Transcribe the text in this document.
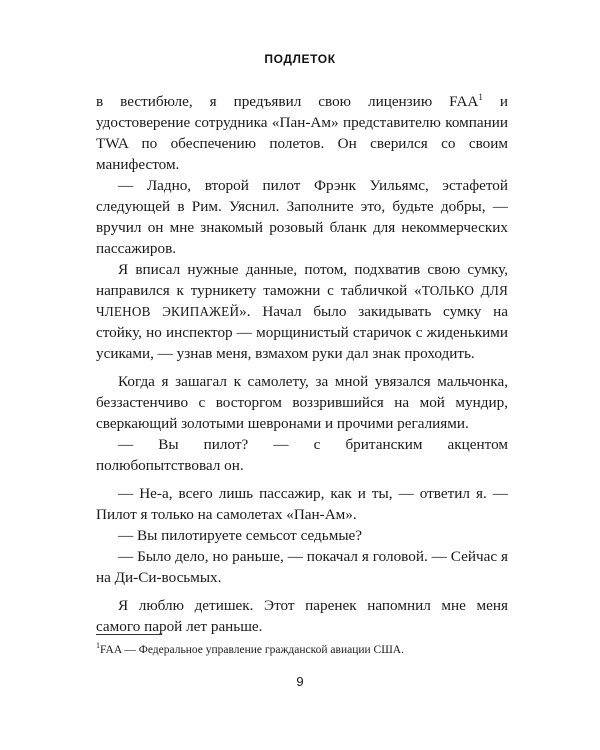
ПОДЛЕТОК

в вестибюле, я предъявил свою лицензию FAA$^1$ и удостоверение сотрудника «Пан-Ам» представителю компании TWA по обеспечению полетов. Он сверился со своим манифестом.

— Ладно, второй пилот Фрэнк Уильямс, эстафетой следующей в Рим. Уяснил. Заполните это, будьте добры, — вручил он мне знакомый розовый бланк для некоммерческих пассажиров.

Я вписал нужные данные, потом, подхватив свою сумку, направился к турникету таможни с табличкой «ТОЛЬКО ДЛЯ ЧЛЕНОВ ЭКИПАЖЕЙ». Начал было закидывать сумку на стойку, но инспектор — морщинистый старичок с жиденькими усиками, — узнав меня, взмахом руки дал знак проходить.

Когда я зашагал к самолету, за мной увязался мальчонка, беззастенчиво с восторгом воззрившийся на мой мундир, сверкающий золотыми шевронами и прочими регалиями.

— Вы пилот? — с британским акцентом полюбопытствовал он.

— Не-а, всего лишь пассажир, как и ты, — ответил я. — Пилот я только на самолетах «Пан-Ам».

— Вы пилотируете семьсот седьмые?

— Было дело, но раньше, — покачал я головой. — Сейчас я на Ди-Си-восьмых.

Я люблю детишек. Этот паренек напомнил мне меня самого парой лет раньше.

$^1$FAA — Федеральное управление гражданской авиации США.
9
